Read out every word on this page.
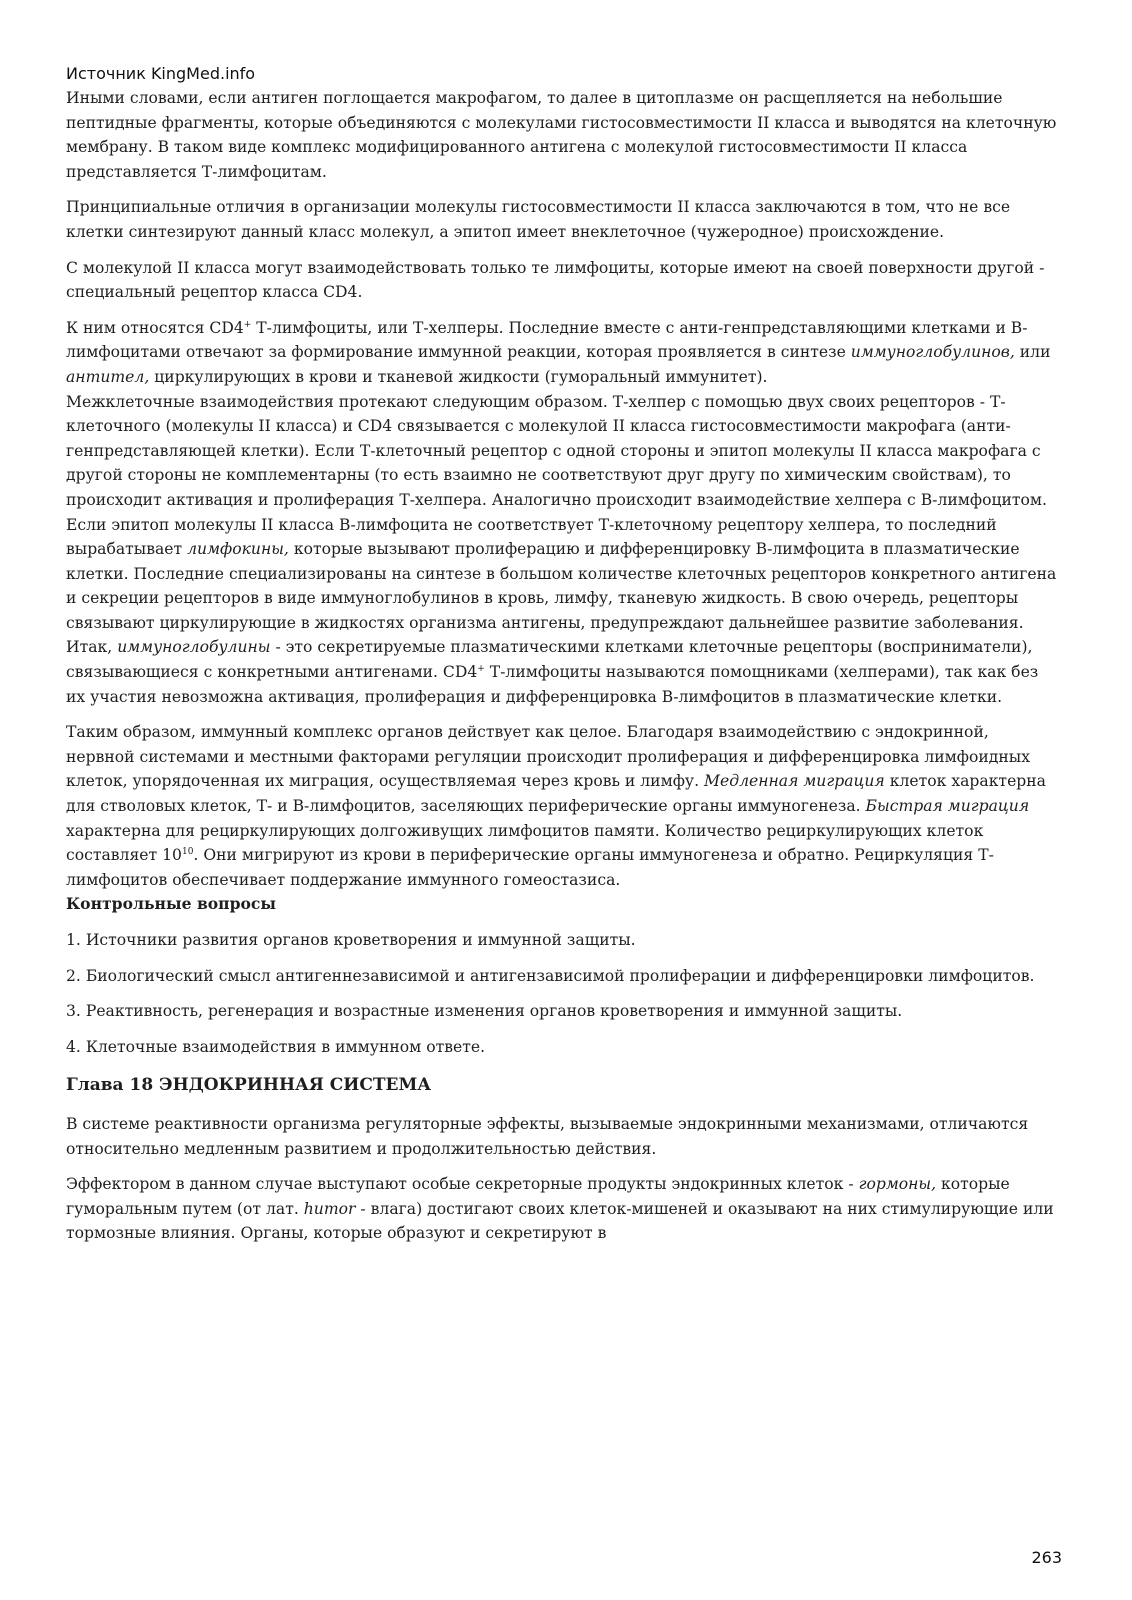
Источник KingMed.info

Иными словами, если антиген поглощается макрофагом, то далее в цитоплазме он расщепляется на небольшие пептидные фрагменты, которые объединяются с молекулами гистосовместимости II класса и выводятся на клеточную мембрану. В таком виде комплекс модифицированного антигена с молекулой гистосовместимости II класса представляется Т-лимфоцитам.

Принципиальные отличия в организации молекулы гистосовместимости II класса заключаются в том, что не все клетки синтезируют данный класс молекул, а эпитоп имеет внеклеточное (чужеродное) происхождение.

С молекулой II класса могут взаимодействовать только те лимфоциты, которые имеют на своей поверхности другой - специальный рецептор класса CD4.

К ним относятся CD4+ Т-лимфоциты, или Т-хелперы. Последние вместе с анти-генпредставляющими клетками и В-лимфоцитами отвечают за формирование иммунной реакции, которая проявляется в синтезе иммуноглобулинов, или антител, циркулирующих в крови и тканевой жидкости (гуморальный иммунитет).

Межклеточные взаимодействия протекают следующим образом. Т-хелпер с помощью двух своих рецепторов - Т-клеточного (молекулы II класса) и CD4 связывается с молекулой II класса гистосовместимости макрофага (анти-генпредставляющей клетки). Если Т-клеточный рецептор с одной стороны и эпитоп молекулы II класса макрофага с другой стороны не комплементарны (то есть взаимно не соответствуют друг другу по химическим свойствам), то происходит активация и пролиферация Т-хелпера. Аналогично происходит взаимодействие хелпера с В-лимфоцитом. Если эпитоп молекулы II класса В-лимфоцита не соответствует Т-клеточному рецептору хелпера, то последний вырабатывает лимфокины, которые вызывают пролиферацию и дифференцировку В-лимфоцита в плазматические клетки. Последние специализированы на синтезе в большом количестве клеточных рецепторов конкретного антигена и секреции рецепторов в виде иммуноглобулинов в кровь, лимфу, тканевую жидкость. В свою очередь, рецепторы связывают циркулирующие в жидкостях организма антигены, предупреждают дальнейшее развитие заболевания. Итак, иммуноглобулины - это секретируемые плазматическими клетками клеточные рецепторы (восприниматели), связывающиеся с конкретными антигенами. CD4+ Т-лимфоциты называются помощниками (хелперами), так как без их участия невозможна активация, пролиферация и дифференцировка В-лимфоцитов в плазматические клетки.

Таким образом, иммунный комплекс органов действует как целое. Благодаря взаимодействию с эндокринной, нервной системами и местными факторами регуляции происходит пролиферация и дифференцировка лимфоидных клеток, упорядоченная их миграция, осуществляемая через кровь и лимфу. Медленная миграция клеток характерна для стволовых клеток, Т- и В-лимфоцитов, заселяющих периферические органы иммуногенеза. Быстрая миграция характерна для рециркулирующих долгоживущих лимфоцитов памяти. Количество рециркулирующих клеток составляет $10^{10}$. Они мигрируют из крови в периферические органы иммуногенеза и обратно. Рециркуляция Т-лимфоцитов обеспечивает поддержание иммунного гомеостазиса.

Контрольные вопросы

1. Источники развития органов кроветворения и иммунной защиты.

2. Биологический смысл антигеннезависимой и антигензависимой пролиферации и дифференцировки лимфоцитов.

3. Реактивность, регенерация и возрастные изменения органов кроветворения и иммунной защиты.

4. Клеточные взаимодействия в иммунном ответе.

Глава 18 ЭНДОКРИННАЯ СИСТЕМА

В системе реактивности организма регуляторные эффекты, вызываемые эндокринными механизмами, отличаются относительно медленным развитием и продолжительностью действия.

Эффектором в данном случае выступают особые секреторные продукты эндокринных клеток - гормоны, которые гуморальным путем (от лат. humor - влага) достигают своих клеток-мишеней и оказывают на них стимулирующие или тормозные влияния. Органы, которые образуют и секретируют в

263
